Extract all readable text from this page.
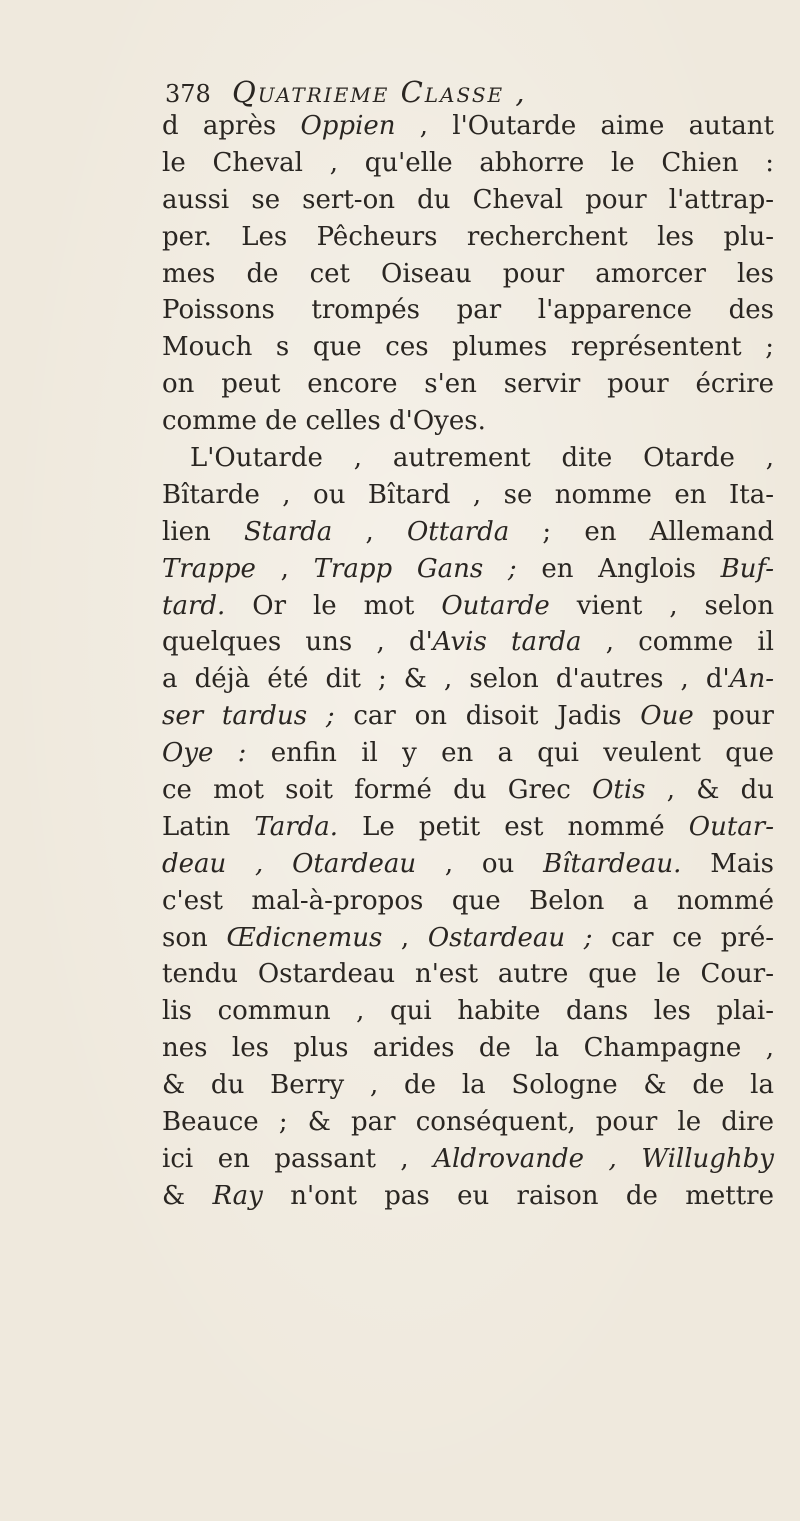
378 Quatrieme Classe ,
d après Oppien , l'Outarde aime autant
le Cheval , qu'elle abhorre le Chien :
aussi se sert-on du Cheval pour l'attrap-
per. Les Pêcheurs recherchent les plu-
mes de cet Oiseau pour amorcer les
Poissons trompés par l'apparence des
Mouch s que ces plumes représentent ;
on peut encore s'en servir pour écrire
comme de celles d'Oyes.
L'Outarde , autrement dite Otarde ,
Bîtarde , ou Bîtard , se nomme en Ita-
lien Starda , Ottarda ; en Allemand
Trappe , Trapp Gans ; en Anglois Buf-
tard. Or le mot Outarde vient , selon
quelques uns , d'Avis tarda , comme il
a déjà été dit ; & , selon d'autres , d'An-
ser tardus ; car on disoit Jadis Oue pour
Oye : enfin il y en a qui veulent que
ce mot soit formé du Grec Otis , & du
Latin Tarda. Le petit est nommé Outar-
deau , Otardeau , ou Bîtardeau. Mais
c'est mal-à-propos que Belon a nommé
son Œdicnemus , Ostardeau ; car ce pré-
tendu Ostardeau n'est autre que le Cour-
lis commun , qui habite dans les plai-
nes les plus arides de la Champagne ,
& du Berry , de la Sologne & de la
Beauce ; & par conséquent, pour le dire
ici en passant , Aldrovande , Willughby
& Ray n'ont pas eu raison de mettre
